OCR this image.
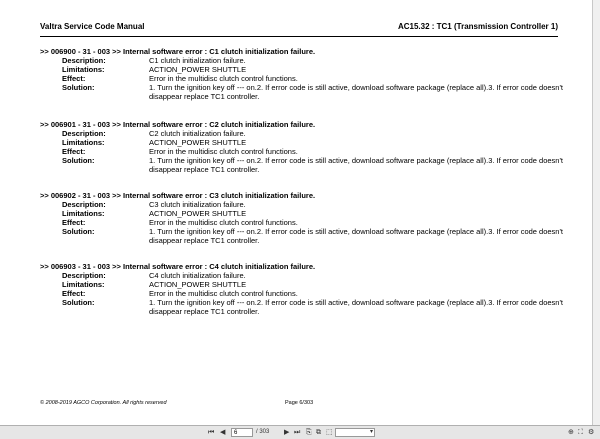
Valtra Service Code Manual	AC15.32 : TC1 (Transmission Controller 1)
>> 006900 - 31 - 003 >> Internal software error : C1 clutch initialization failure.
Description:	C1 clutch initialization failure.
Limitations:	ACTION_POWER SHUTTLE
Effect:	Error in the multidisc clutch control functions.
Solution:	1. Turn the ignition key off --- on.2. If error code is still active, download software package (replace all).3. If error code doesn't disappear replace TC1 controller.
>> 006901 - 31 - 003 >> Internal software error : C2 clutch initialization failure.
Description:	C2 clutch initialization failure.
Limitations:	ACTION_POWER SHUTTLE
Effect:	Error in the multidisc clutch control functions.
Solution:	1. Turn the ignition key off --- on.2. If error code is still active, download software package (replace all).3. If error code doesn't disappear replace TC1 controller.
>> 006902 - 31 - 003 >> Internal software error : C3 clutch initialization failure.
Description:	C3 clutch initialization failure.
Limitations:	ACTION_POWER SHUTTLE
Effect:	Error in the multidisc clutch control functions.
Solution:	1. Turn the ignition key off --- on.2. If error code is still active, download software package (replace all).3. If error code doesn't disappear replace TC1 controller.
>> 006903 - 31 - 003 >> Internal software error : C4 clutch initialization failure.
Description:	C4 clutch initialization failure.
Limitations:	ACTION_POWER SHUTTLE
Effect:	Error in the multidisc clutch control functions.
Solution:	1. Turn the ignition key off --- on.2. If error code is still active, download software package (replace all).3. If error code doesn't disappear replace TC1 controller.
© 2008-2019 AGCO Corporation. All rights reserved	Page 6/303
⏮ ◀	6	/ 303 ▶ ⏭ ⎘ ⧉ ⬚	▾	⊕ ⛶ ⚙
